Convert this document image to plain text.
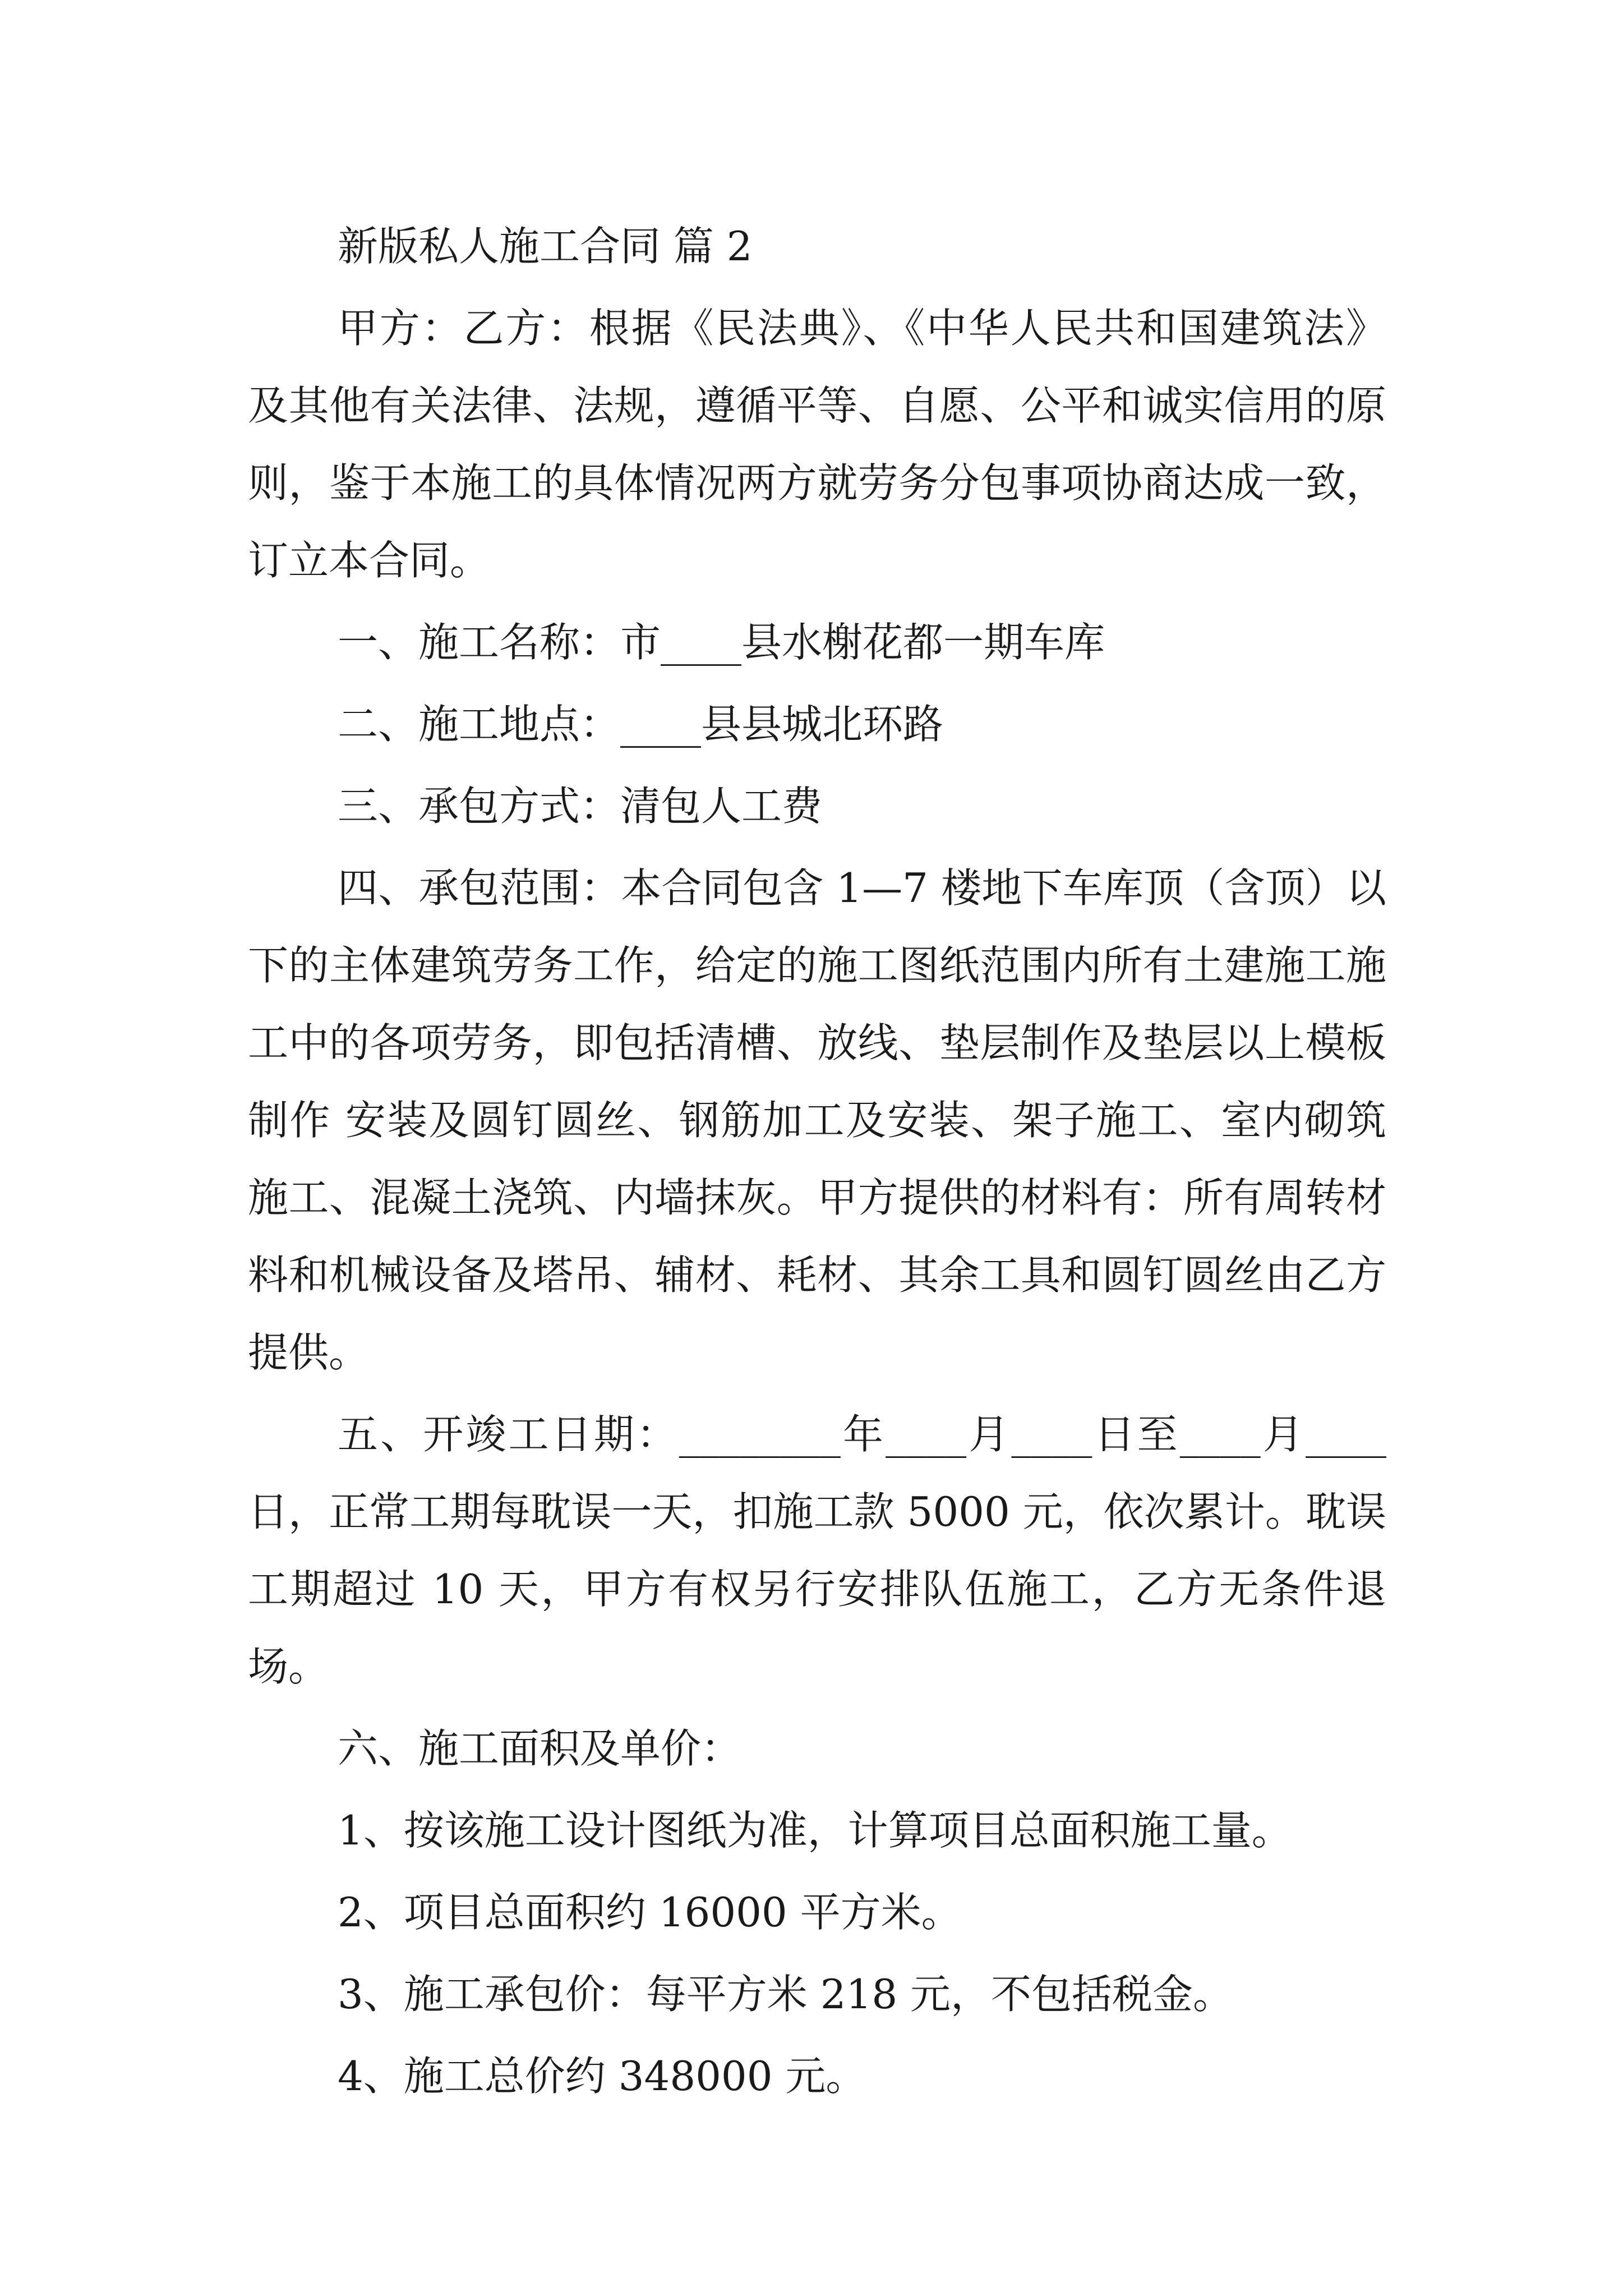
新版私人施工合同 篇 2

甲方：乙方：根据《民法典》、《中华人民共和国建筑法》及其他有关法律、法规，遵循平等、自愿、公平和诚实信用的原则，鉴于本施工的具体情况两方就劳务分包事项协商达成一致，订立本合同。

一、施工名称：市____县水榭花都一期车库

二、施工地点：____县县城北环路

三、承包方式：清包人工费

四、承包范围：本合同包含 1—7 楼地下车库顶（含顶）以下的主体建筑劳务工作，给定的施工图纸范围内所有土建施工施工中的各项劳务，即包括清槽、放线、垫层制作及垫层以上模板制作 安装及圆钉圆丝、钢筋加工及安装、架子施工、室内砌筑施工、混凝土浇筑、内墙抹灰。甲方提供的材料有：所有周转材料和机械设备及塔吊、辅材、耗材、其余工具和圆钉圆丝由乙方提供。

五、开竣工日期：________年____月____日至____月____日，正常工期每耽误一天，扣施工款 5000 元，依次累计。耽误工期超过 10 天，甲方有权另行安排队伍施工，乙方无条件退场。

六、施工面积及单价：

1、按该施工设计图纸为准，计算项目总面积施工量。

2、项目总面积约 16000 平方米。

3、施工承包价：每平方米 218 元，不包括税金。

4、施工总价约 348000 元。
